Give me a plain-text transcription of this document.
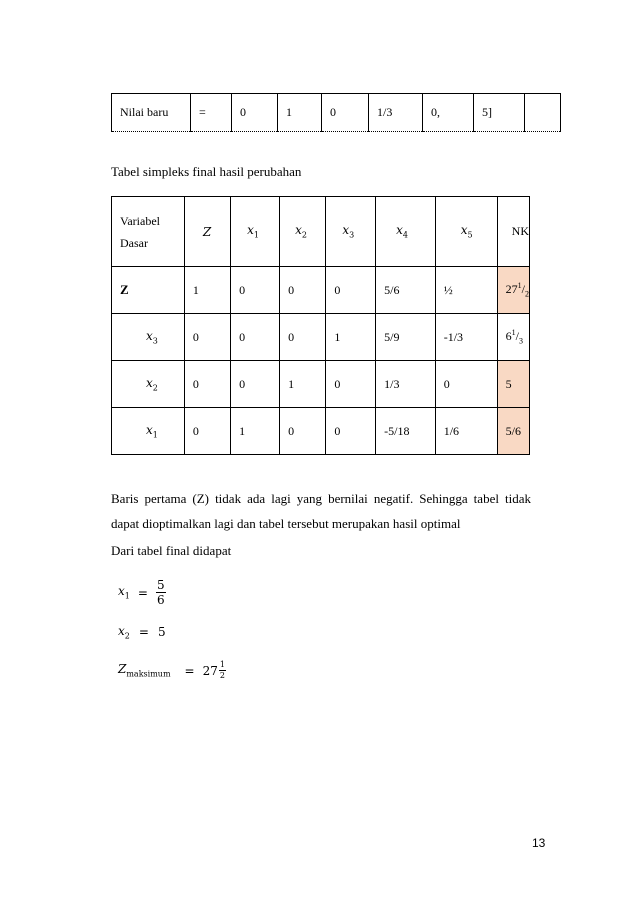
Nilai baru	=	0	1	0	1/3	0,	5]	
Tabel simpleks final hasil perubahan
Variabel
Dasar	Z	$x_1$	$x_2$	$x_3$	$x_4$	$x_5$	NK
Z	1	0	0	0	5/6	½	$27^1/_2$
$x_3$	0	0	0	1	5/9	-1/3	$6^1/_3$
$x_2$	0	0	1	0	1/3	0	5
$x_1$	0	1	0	0	-5/18	1/6	5/6
Baris pertama (Z) tidak ada lagi yang bernilai negatif. Sehingga tabel tidak dapat dioptimalkan lagi dan tabel tersebut merupakan hasil optimal
Dari tabel final didapat
$x_1 = \frac{5}{6}$
$x_2 = 5$
$Z_{maksimum} = 27 \frac{1}{2}$
13
